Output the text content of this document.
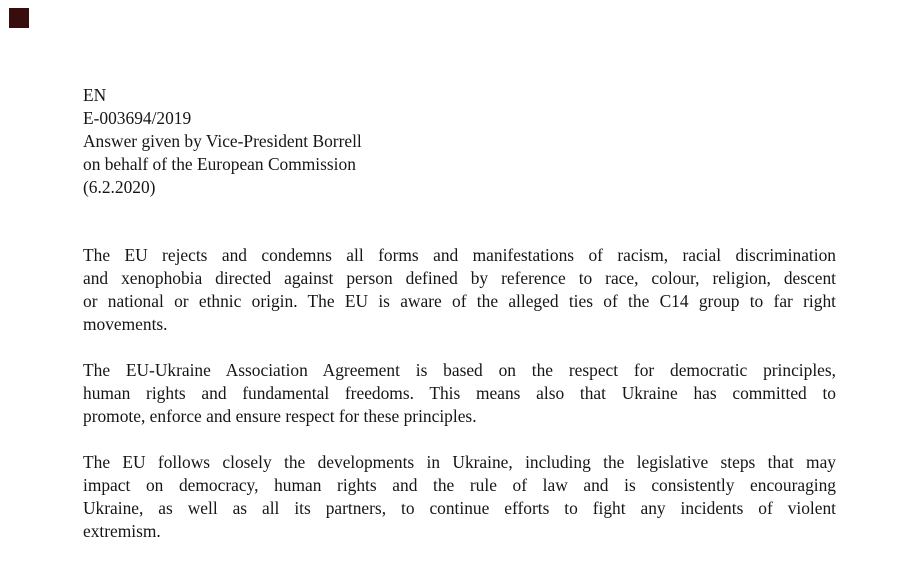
EN
E-003694/2019
Answer given by Vice-President Borrell
on behalf of the European Commission
(6.2.2020)
The EU rejects and condemns all forms and manifestations of racism, racial discrimination
and xenophobia directed against person defined by reference to race, colour, religion, descent
or national or ethnic origin. The EU is aware of the alleged ties of the C14 group to far right
movements.
The EU-Ukraine Association Agreement is based on the respect for democratic principles,
human rights and fundamental freedoms. This means also that Ukraine has committed to
promote, enforce and ensure respect for these principles.
The EU follows closely the developments in Ukraine, including the legislative steps that may
impact on democracy, human rights and the rule of law and is consistently encouraging
Ukraine, as well as all its partners, to continue efforts to fight any incidents of violent
extremism.
